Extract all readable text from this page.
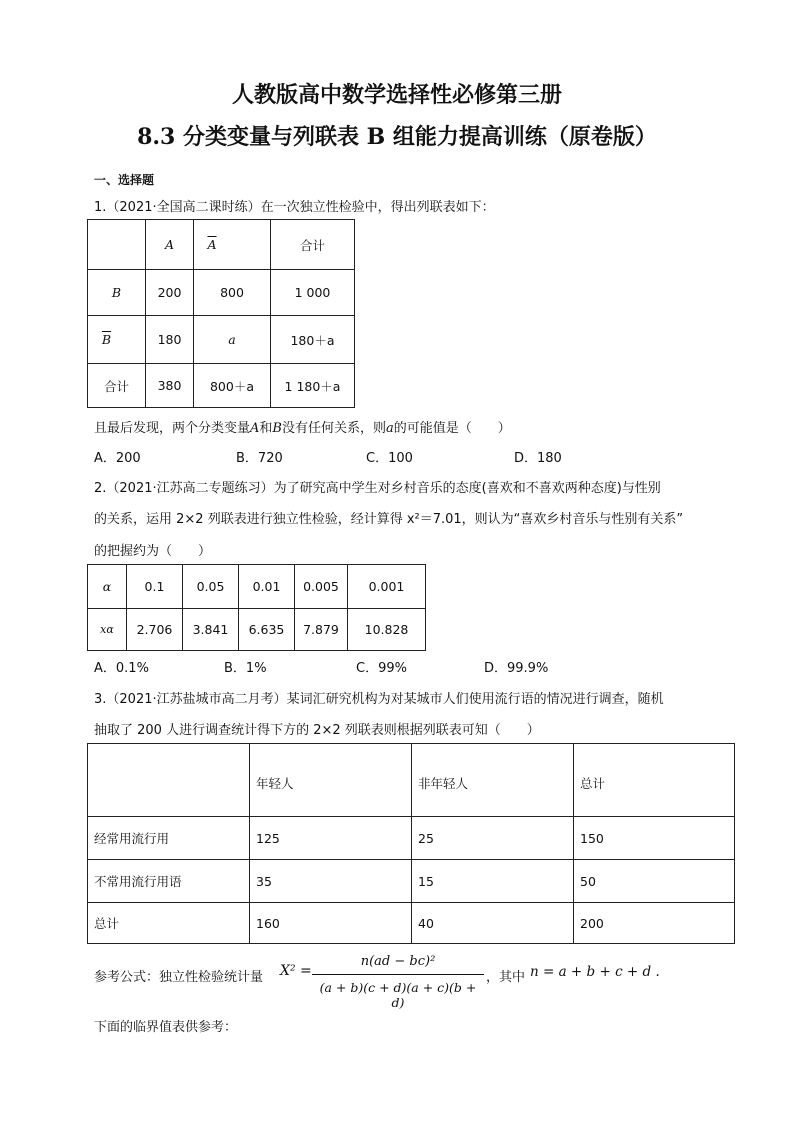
人教版高中数学选择性必修第三册
8.3 分类变量与列联表 B 组能力提高训练（原卷版）
一、选择题
1.（2021·全国高二课时练）在一次独立性检验中，得出列联表如下：
	A	$\overline{A}$	合计
B	200	800	1 000
$\overline{B}$	180	a	180＋a
合计	380	800＋a	1 180＋a
且最后发现，两个分类变量A和B没有任何关系，则a的可能值是（　　）
A．200	B．720	C．100	D．180
2.（2021·江苏高二专题练习）为了研究高中学生对乡村音乐的态度(喜欢和不喜欢两种态度)与性别
的关系，运用 2×2 列联表进行独立性检验，经计算得 x²＝7.01，则认为“喜欢乡村音乐与性别有关系”
的把握约为（　　）
α	0.1	0.05	0.01	0.005	0.001
xα	2.706	3.841	6.635	7.879	10.828
A．0.1%	B．1%	C．99%	D．99.9%
3.（2021·江苏盐城市高二月考）某词汇研究机构为对某城市人们使用流行语的情况进行调查，随机
抽取了 200 人进行调查统计得下方的 2×2 列联表则根据列联表可知（　　）
	年轻人	非年轻人	总计
经常用流行用	125	25	150
不常用流行用语	35	15	50
总计	160	40	200
参考公式：独立性检验统计量 X² =
n(ad − bc)²
(a + b)(c + d)(a + c)(b + d)
，其中 n = a + b + c + d .
下面的临界值表供参考：
